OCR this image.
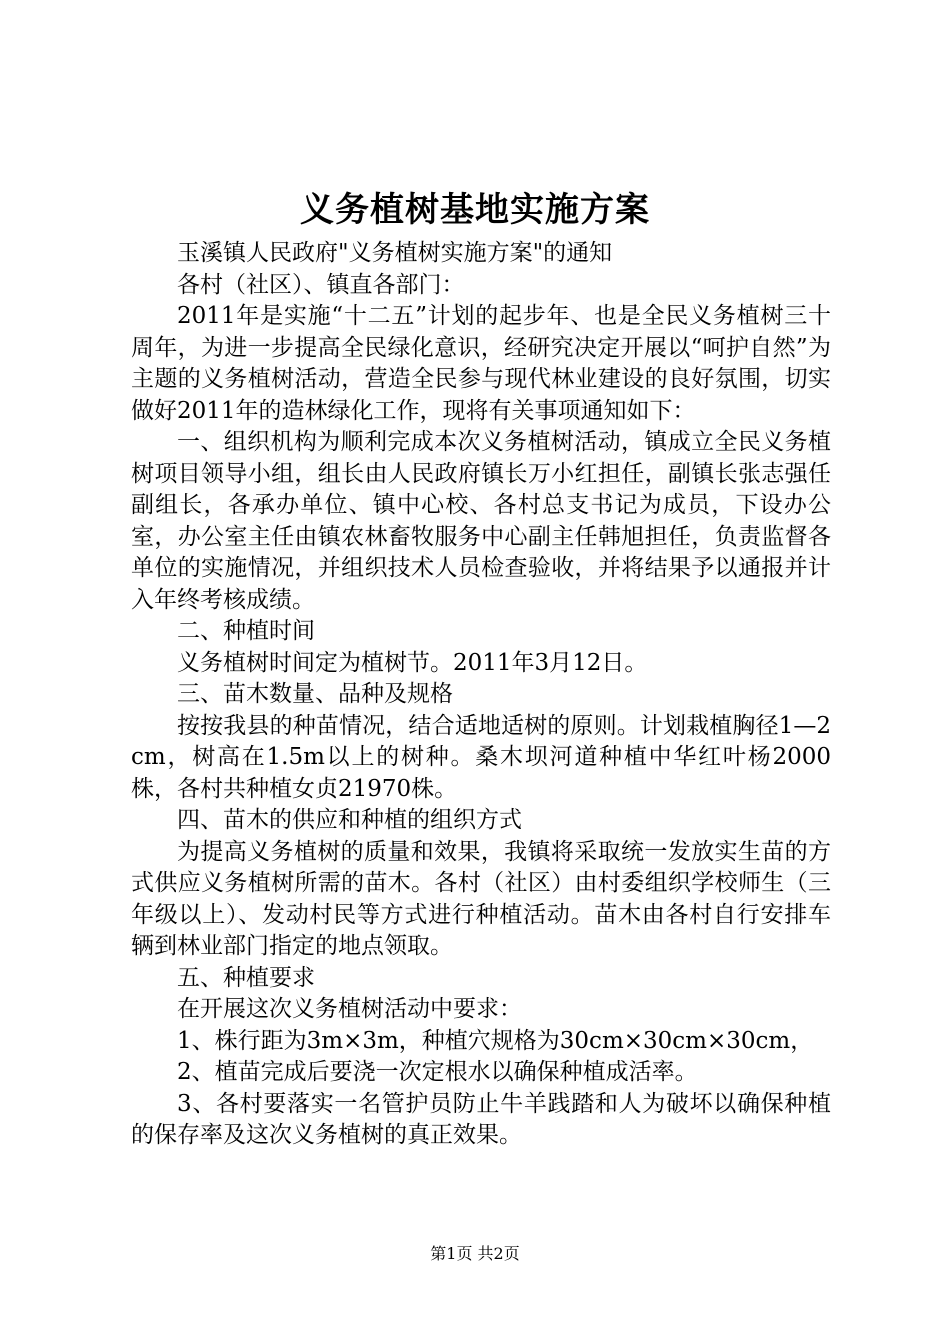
义务植树基地实施方案

玉溪镇人民政府"义务植树实施方案"的通知

各村（社区）、镇直各部门：

2011年是实施“十二五”计划的起步年、也是全民义务植树三十周年，为进一步提高全民绿化意识，经研究决定开展以“呵护自然”为主题的义务植树活动，营造全民参与现代林业建设的良好氛围，切实做好2011年的造林绿化工作，现将有关事项通知如下：

一、组织机构为顺利完成本次义务植树活动，镇成立全民义务植树项目领导小组，组长由人民政府镇长万小红担任，副镇长张志强任副组长，各承办单位、镇中心校、各村总支书记为成员，下设办公室，办公室主任由镇农林畜牧服务中心副主任韩旭担任，负责监督各单位的实施情况，并组织技术人员检查验收，并将结果予以通报并计入年终考核成绩。

二、种植时间

义务植树时间定为植树节。2011年3月12日。

三、苗木数量、品种及规格

按按我县的种苗情况，结合适地适树的原则。计划栽植胸径1—2cm，树高在1.5m以上的树种。桑木坝河道种植中华红叶杨2000株，各村共种植女贞21970株。

四、苗木的供应和种植的组织方式

为提高义务植树的质量和效果，我镇将采取统一发放实生苗的方式供应义务植树所需的苗木。各村（社区）由村委组织学校师生（三年级以上）、发动村民等方式进行种植活动。苗木由各村自行安排车辆到林业部门指定的地点领取。

五、种植要求

在开展这次义务植树活动中要求：

1、株行距为3m×3m，种植穴规格为30cm×30cm×30cm，

2、植苗完成后要浇一次定根水以确保种植成活率。

3、各村要落实一名管护员防止牛羊践踏和人为破坏以确保种植的保存率及这次义务植树的真正效果。

第1页 共2页
